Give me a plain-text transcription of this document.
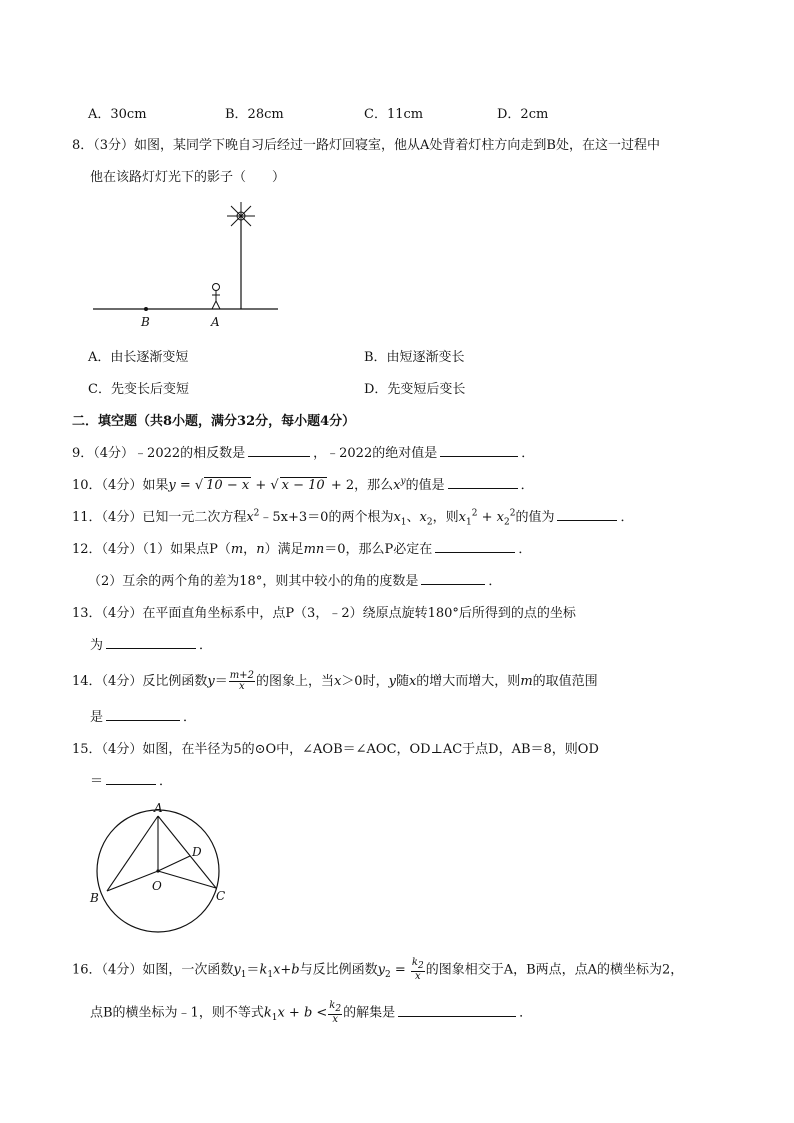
A．30cm	B．28cm	C．11cm	D．2cm
8．（3分）如图，某同学下晚自习后经过一路灯回寝室，他从A处背着灯柱方向走到B处，在这一过程中
他在该路灯灯光下的影子（　　）
B	A
A．由长逐渐变短	B．由短逐渐变长
C．先变长后变短	D．先变短后变长
二．填空题（共8小题，满分32分，每小题4分）
9．（4分）﹣2022的相反数是	，﹣2022的绝对值是	．
10．（4分）如果y = √ 10 − x + √ x − 10 + 2，那么$x^y$的值是	．
11．（4分）已知一元二次方程$x^2﹣5x+3=0$的两个根为$x_1$、$x_2$，则$x_1^2 + x_2^2$的值为	．
12．（4分）（1）如果点P（m，n）满足mn＝0，那么P必定在	．
（2）互余的两个角的差为18°，则其中较小的角的度数是	．
13．（4分）在平面直角坐标系中，点P（3，﹣2）绕原点旋转180°后所得到的点的坐标
为	．
14．（4分）反比例函数$y= \frac{m+2}{x}$ 的图象上，当x＞0时，y随x的增大而增大，则m的取值范围
是	．
15．（4分）如图，在半径为5的⊙O中，∠AOB＝∠AOC，OD⊥AC于点D，AB＝8，则OD
＝	．
A
B	C
D
O
16．（4分）如图，一次函数$y_1=k_1x+b$与反比例函数$y_2 = \frac{k_2}{x}$ 的图象相交于A，B两点，点A的横坐标为2，
点B的横坐标为﹣1，则不等式$k_1x + b < \frac{k_2}{x}$ 的解集是	．
